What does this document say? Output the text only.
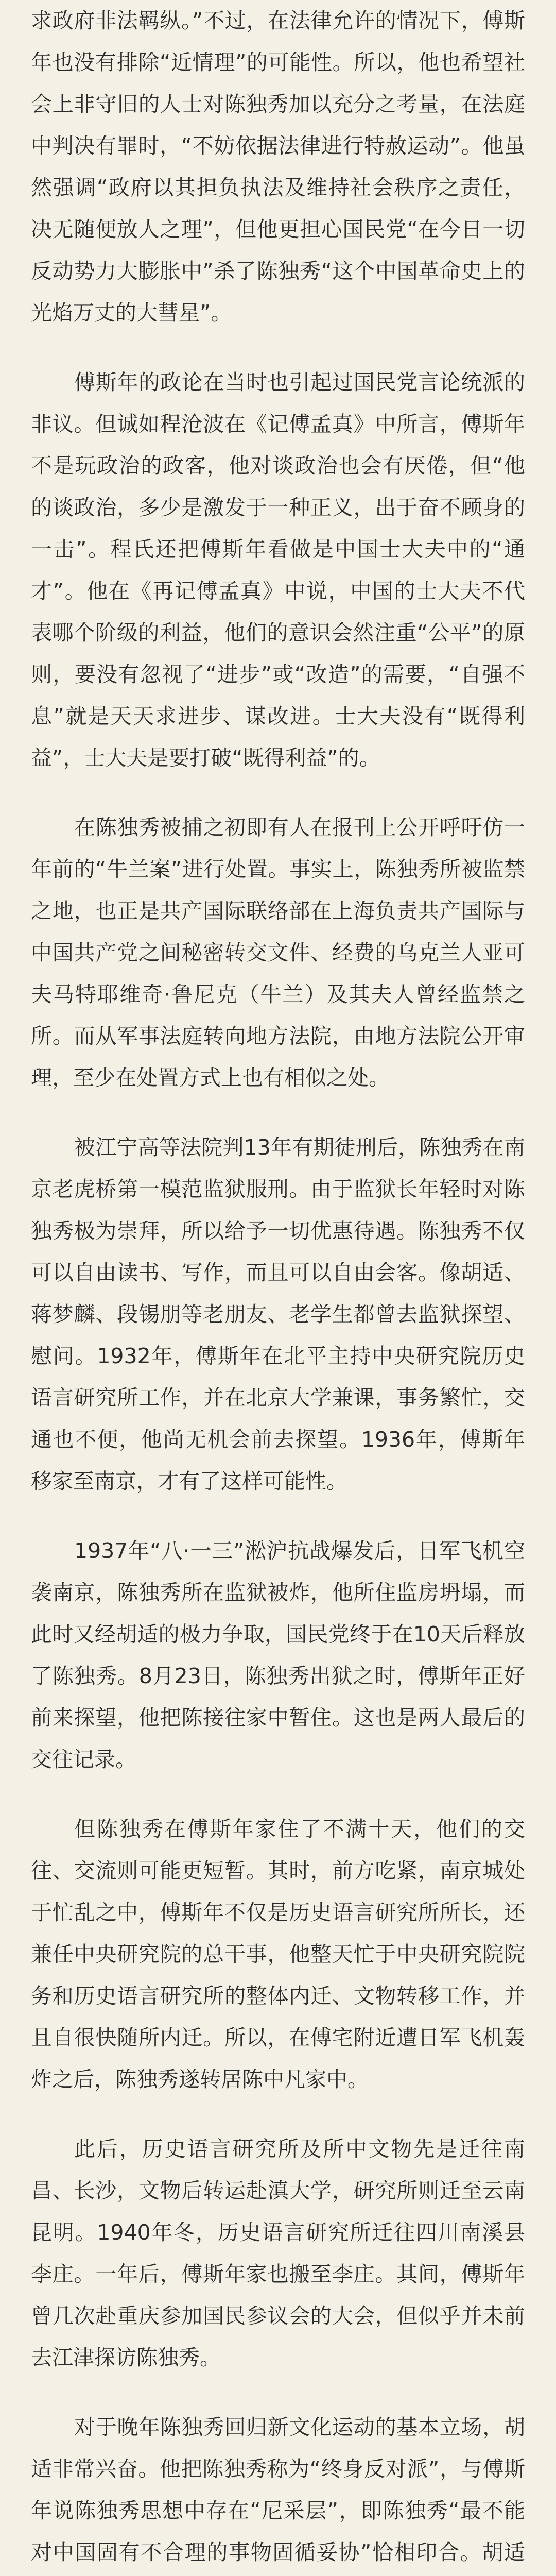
求政府非法羁纵。”不过，在法律允许的情况下，傅斯年也没有排除“近情理”的可能性。所以，他也希望社会上非守旧的人士对陈独秀加以充分之考量，在法庭中判决有罪时，“不妨依据法律进行特赦运动”。他虽然强调“政府以其担负执法及维持社会秩序之责任，决无随便放人之理”，但他更担心国民党“在今日一切反动势力大膨胀中”杀了陈独秀“这个中国革命史上的光焰万丈的大彗星”。

傅斯年的政论在当时也引起过国民党言论统派的非议。但诚如程沧波在《记傅孟真》中所言，傅斯年不是玩政治的政客，他对谈政治也会有厌倦，但“他的谈政治，多少是激发于一种正义，出于奋不顾身的一击”。程氏还把傅斯年看做是中国士大夫中的“通才”。他在《再记傅孟真》中说，中国的士大夫不代表哪个阶级的利益，他们的意识会然注重“公平”的原则，要没有忽视了“进步”或“改造”的需要，“自强不息”就是天天求进步、谋改进。士大夫没有“既得利益”，士大夫是要打破“既得利益”的。

在陈独秀被捕之初即有人在报刊上公开呼吁仿一年前的“牛兰案”进行处置。事实上，陈独秀所被监禁之地，也正是共产国际联络部在上海负责共产国际与中国共产党之间秘密转交文件、经费的乌克兰人亚可夫马特耶维奇·鲁尼克（牛兰）及其夫人曾经监禁之所。而从军事法庭转向地方法院，由地方法院公开审理，至少在处置方式上也有相似之处。

被江宁高等法院判13年有期徒刑后，陈独秀在南京老虎桥第一模范监狱服刑。由于监狱长年轻时对陈独秀极为崇拜，所以给予一切优惠待遇。陈独秀不仅可以自由读书、写作，而且可以自由会客。像胡适、蒋梦麟、段锡朋等老朋友、老学生都曾去监狱探望、慰问。1932年，傅斯年在北平主持中央研究院历史语言研究所工作，并在北京大学兼课，事务繁忙，交通也不便，他尚无机会前去探望。1936年，傅斯年移家至南京，才有了这样可能性。

1937年“八·一三”淞沪抗战爆发后，日军飞机空袭南京，陈独秀所在监狱被炸，他所住监房坍塌，而此时又经胡适的极力争取，国民党终于在10天后释放了陈独秀。8月23日，陈独秀出狱之时，傅斯年正好前来探望，他把陈接往家中暂住。这也是两人最后的交往记录。

但陈独秀在傅斯年家住了不满十天，他们的交往、交流则可能更短暂。其时，前方吃紧，南京城处于忙乱之中，傅斯年不仅是历史语言研究所所长，还兼任中央研究院的总干事，他整天忙于中央研究院院务和历史语言研究所的整体内迁、文物转移工作，并且自很快随所内迁。所以，在傅宅附近遭日军飞机轰炸之后，陈独秀遂转居陈中凡家中。

此后，历史语言研究所及所中文物先是迁往南昌、长沙，文物后转运赴滇大学，研究所则迁至云南昆明。1940年冬，历史语言研究所迁往四川南溪县李庄。一年后，傅斯年家也搬至李庄。其间，傅斯年曾几次赴重庆参加国民参议会的大会，但似乎并未前去江津探访陈独秀。

对于晚年陈独秀回归新文化运动的基本立场，胡适非常兴奋。他把陈独秀称为“终身反对派”，与傅斯年说陈独秀思想中存在“尼采层”，即陈独秀“最不能对中国固有不合理的事物固循妥协”恰相印合。胡适
